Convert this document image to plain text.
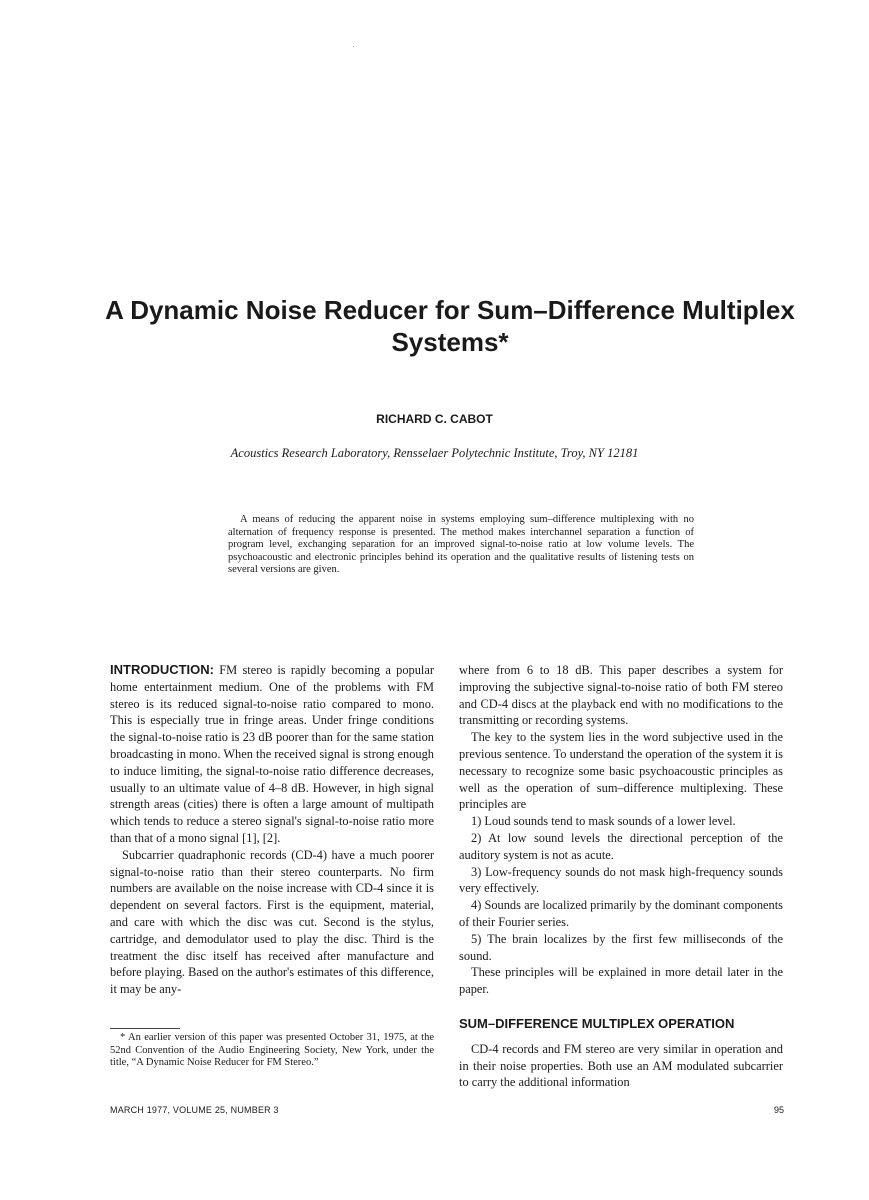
A Dynamic Noise Reducer for Sum–Difference Multiplex Systems*
RICHARD C. CABOT
Acoustics Research Laboratory, Rensselaer Polytechnic Institute, Troy, NY 12181

A means of reducing the apparent noise in systems employing sum–difference multiplexing with no alternation of frequency response is presented. The method makes interchannel separation a function of program level, exchanging separation for an improved signal-to-noise ratio at low volume levels. The psychoacoustic and electronic principles behind its operation and the qualitative results of listening tests on several versions are given.

INTRODUCTION: FM stereo is rapidly becoming a popular home entertainment medium. One of the problems with FM stereo is its reduced signal-to-noise ratio compared to mono. This is especially true in fringe areas. Under fringe conditions the signal-to-noise ratio is 23 dB poorer than for the same station broadcasting in mono. When the received signal is strong enough to induce limiting, the signal-to-noise ratio difference decreases, usually to an ultimate value of 4–8 dB. However, in high signal strength areas (cities) there is often a large amount of multipath which tends to reduce a stereo signal's signal-to-noise ratio more than that of a mono signal [1], [2].

Subcarrier quadraphonic records (CD-4) have a much poorer signal-to-noise ratio than their stereo counterparts. No firm numbers are available on the noise increase with CD-4 since it is dependent on several factors. First is the equipment, material, and care with which the disc was cut. Second is the stylus, cartridge, and demodulator used to play the disc. Third is the treatment the disc itself has received after manufacture and before playing. Based on the author's estimates of this difference, it may be any-

* An earlier version of this paper was presented October 31, 1975, at the 52nd Convention of the Audio Engineering Society, New York, under the title, “A Dynamic Noise Reducer for FM Stereo.”

where from 6 to 18 dB. This paper describes a system for improving the subjective signal-to-noise ratio of both FM stereo and CD-4 discs at the playback end with no modifications to the transmitting or recording systems.

The key to the system lies in the word subjective used in the previous sentence. To understand the operation of the system it is necessary to recognize some basic psychoacoustic principles as well as the operation of sum–difference multiplexing. These principles are

1) Loud sounds tend to mask sounds of a lower level.

2) At low sound levels the directional perception of the auditory system is not as acute.

3) Low-frequency sounds do not mask high-frequency sounds very effectively.

4) Sounds are localized primarily by the dominant components of their Fourier series.

5) The brain localizes by the first few milliseconds of the sound.

These principles will be explained in more detail later in the paper.

SUM–DIFFERENCE MULTIPLEX OPERATION

CD-4 records and FM stereo are very similar in operation and in their noise properties. Both use an AM modulated subcarrier to carry the additional information

MARCH 1977, VOLUME 25, NUMBER 3	95
